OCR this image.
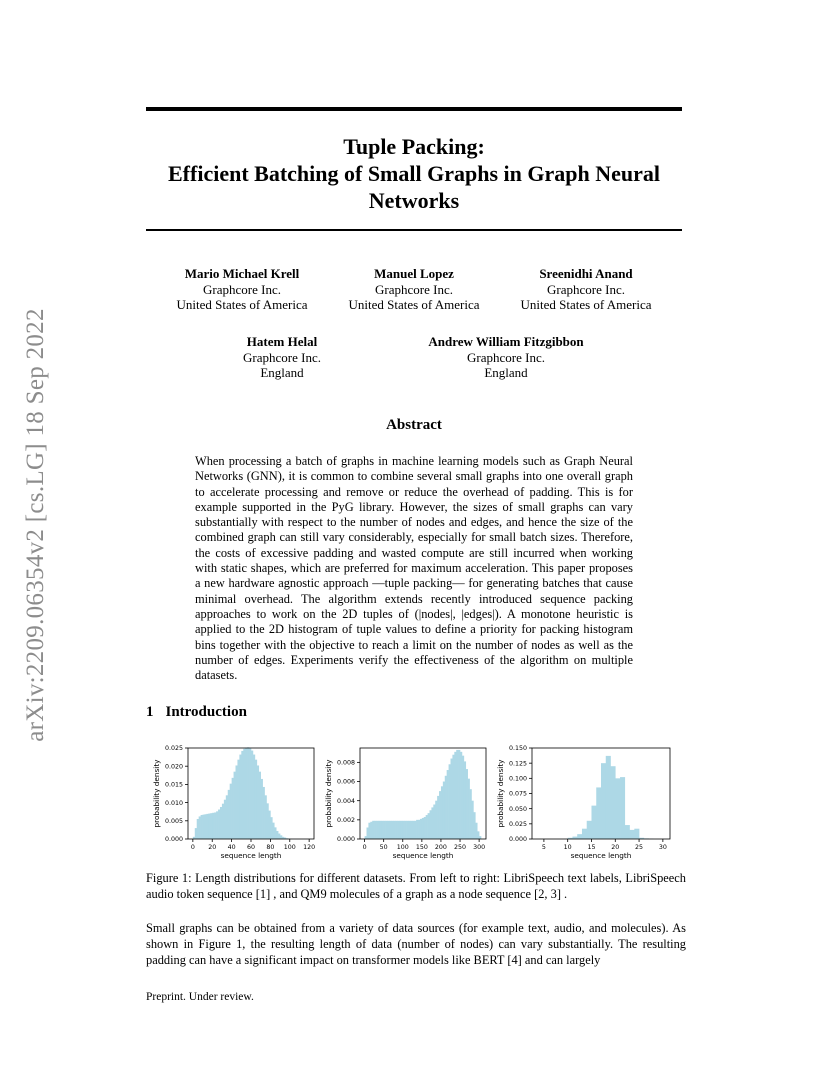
arXiv:2209.06354v2 [cs.LG] 18 Sep 2022
Tuple Packing:
Efficient Batching of Small Graphs in Graph Neural
Networks
Mario Michael Krell
Graphcore Inc.
United States of America
Manuel Lopez
Graphcore Inc.
United States of America
Sreenidhi Anand
Graphcore Inc.
United States of America
Hatem Helal
Graphcore Inc.
England
Andrew William Fitzgibbon
Graphcore Inc.
England
Abstract
When processing a batch of graphs in machine learning models such as Graph Neural Networks (GNN), it is common to combine several small graphs into one overall graph to accelerate processing and remove or reduce the overhead of padding. This is for example supported in the PyG library. However, the sizes of small graphs can vary substantially with respect to the number of nodes and edges, and hence the size of the combined graph can still vary considerably, especially for small batch sizes. Therefore, the costs of excessive padding and wasted compute are still incurred when working with static shapes, which are preferred for maximum acceleration. This paper proposes a new hardware agnostic approach —tuple packing— for generating batches that cause minimal overhead. The algorithm extends recently introduced sequence packing approaches to work on the 2D tuples of (|nodes|, |edges|). A monotone heuristic is applied to the 2D histogram of tuple values to define a priority for packing histogram bins together with the objective to reach a limit on the number of nodes as well as the number of edges. Experiments verify the effectiveness of the algorithm on multiple datasets.
1 Introduction
0 20 40 60 80 100 120
0.000
0.005
0.010
0.015
0.020
0.025
sequence length
probability density
0 50 100 150 200 250 300
0.000
0.002
0.004
0.006
0.008
sequence length
probability density
5	10	15	20	25	30
0.000
0.025
0.050
0.075
0.100
0.125
0.150
sequence length
probability density
Figure 1: Length distributions for different datasets. From left to right: LibriSpeech text labels, LibriSpeech audio token sequence [1] , and QM9 molecules of a graph as a node sequence [2, 3] .
Small graphs can be obtained from a variety of data sources (for example text, audio, and molecules). As shown in Figure 1, the resulting length of data (number of nodes) can vary substantially. The resulting padding can have a significant impact on transformer models like BERT [4] and can largely
Preprint. Under review.
